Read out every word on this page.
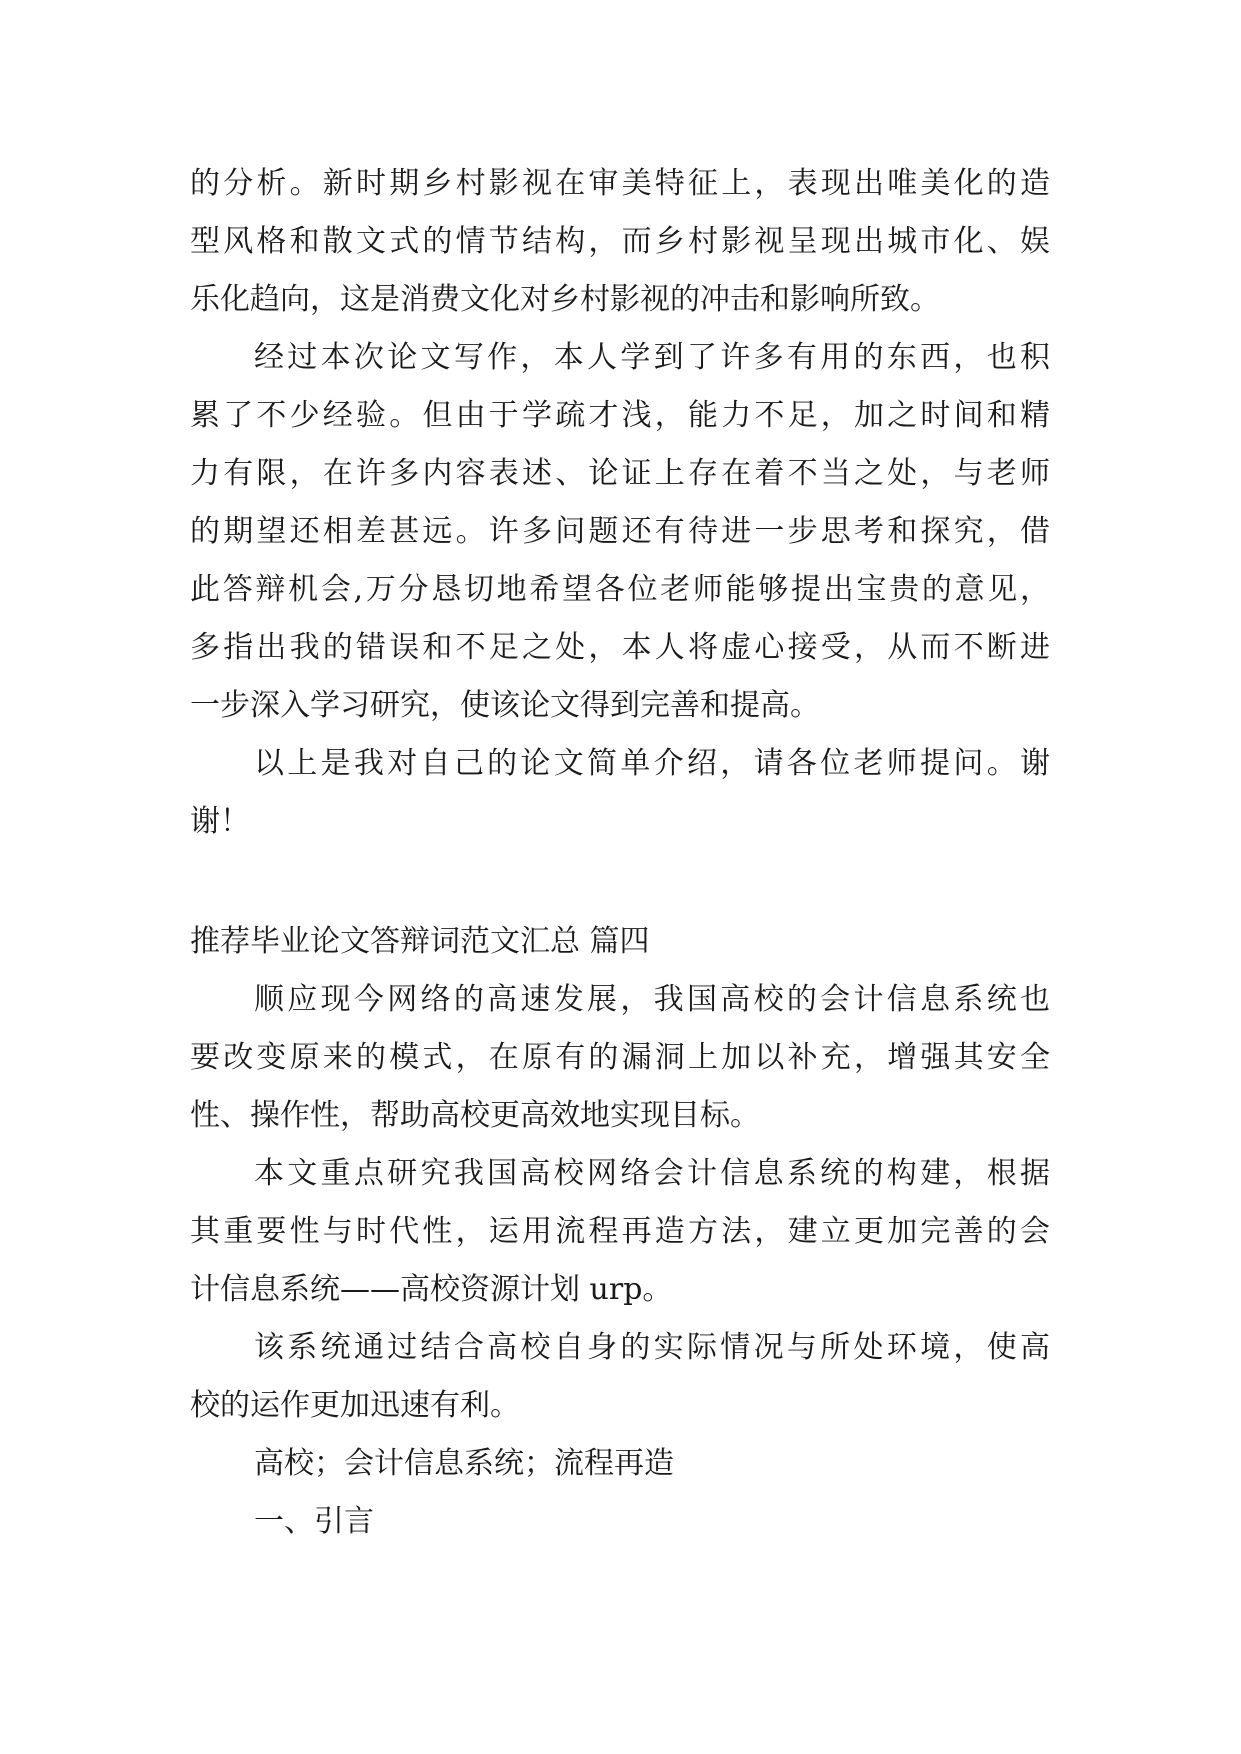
的分析。新时期乡村影视在审美特征上，表现出唯美化的造
型风格和散文式的情节结构，而乡村影视呈现出城市化、娱
乐化趋向，这是消费文化对乡村影视的冲击和影响所致。
经过本次论文写作，本人学到了许多有用的东西，也积
累了不少经验。但由于学疏才浅，能力不足，加之时间和精
力有限，在许多内容表述、论证上存在着不当之处，与老师
的期望还相差甚远。许多问题还有待进一步思考和探究，借
此答辩机会,万分恳切地希望各位老师能够提出宝贵的意见，
多指出我的错误和不足之处，本人将虚心接受，从而不断进
一步深入学习研究，使该论文得到完善和提高。
以上是我对自己的论文简单介绍，请各位老师提问。谢
谢！
推荐毕业论文答辩词范文汇总 篇四
顺应现今网络的高速发展，我国高校的会计信息系统也
要改变原来的模式，在原有的漏洞上加以补充，增强其安全
性、操作性，帮助高校更高效地实现目标。
本文重点研究我国高校网络会计信息系统的构建，根据
其重要性与时代性，运用流程再造方法，建立更加完善的会
计信息系统——高校资源计划 urp。
该系统通过结合高校自身的实际情况与所处环境，使高
校的运作更加迅速有利。
高校；会计信息系统；流程再造
一、引言
